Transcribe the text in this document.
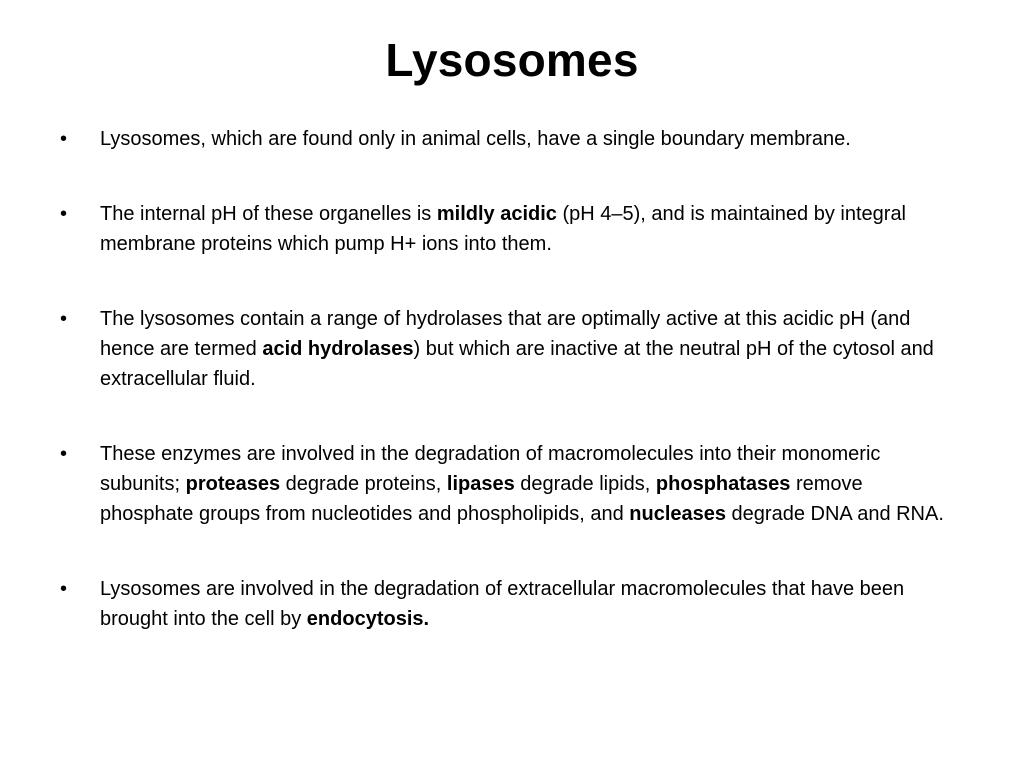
Lysosomes
•	Lysosomes, which are found only in animal cells, have a single boundary membrane.
•	The internal pH of these organelles is mildly acidic (pH 4–5), and is maintained by integral membrane proteins which pump H+ ions into them.
•	The lysosomes contain a range of hydrolases that are optimally active at this acidic pH (and hence are termed acid hydrolases) but which are inactive at the neutral pH of the cytosol and extracellular fluid.
•	These enzymes are involved in the degradation of macromolecules into their monomeric subunits; proteases degrade proteins, lipases degrade lipids, phosphatases remove phosphate groups from nucleotides and phospholipids, and nucleases degrade DNA and RNA.
•	Lysosomes are involved in the degradation of extracellular macromolecules that have been brought into the cell by endocytosis.
